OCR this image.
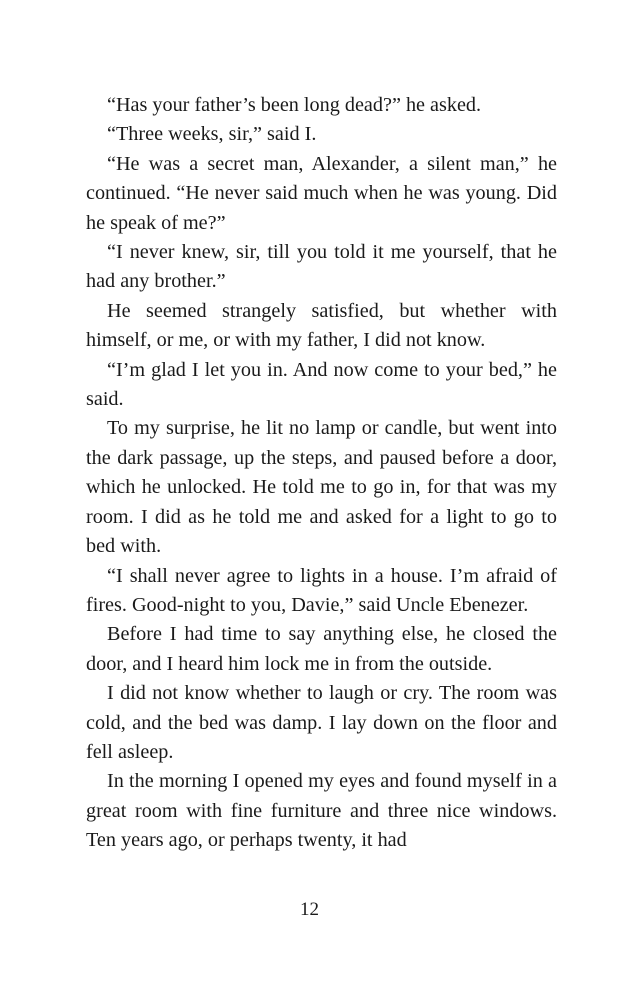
“Has your father’s been long dead?” he asked.

“Three weeks, sir,” said I.

“He was a secret man, Alexander, a silent man,” he continued. “He never said much when he was young. Did he speak of me?”

“I never knew, sir, till you told it me yourself, that he had any brother.”

He seemed strangely satisfied, but whether with himself, or me, or with my father, I did not know.

“I’m glad I let you in. And now come to your bed,” he said.

To my surprise, he lit no lamp or candle, but went into the dark passage, up the steps, and paused before a door, which he unlocked. He told me to go in, for that was my room. I did as he told me and asked for a light to go to bed with.

“I shall never agree to lights in a house. I’m afraid of fires. Good-night to you, Davie,” said Uncle Ebenezer.

Before I had time to say anything else, he closed the door, and I heard him lock me in from the outside.

I did not know whether to laugh or cry. The room was cold, and the bed was damp. I lay down on the floor and fell asleep.

In the morning I opened my eyes and found myself in a great room with fine furniture and three nice windows. Ten years ago, or perhaps twenty, it had

12
